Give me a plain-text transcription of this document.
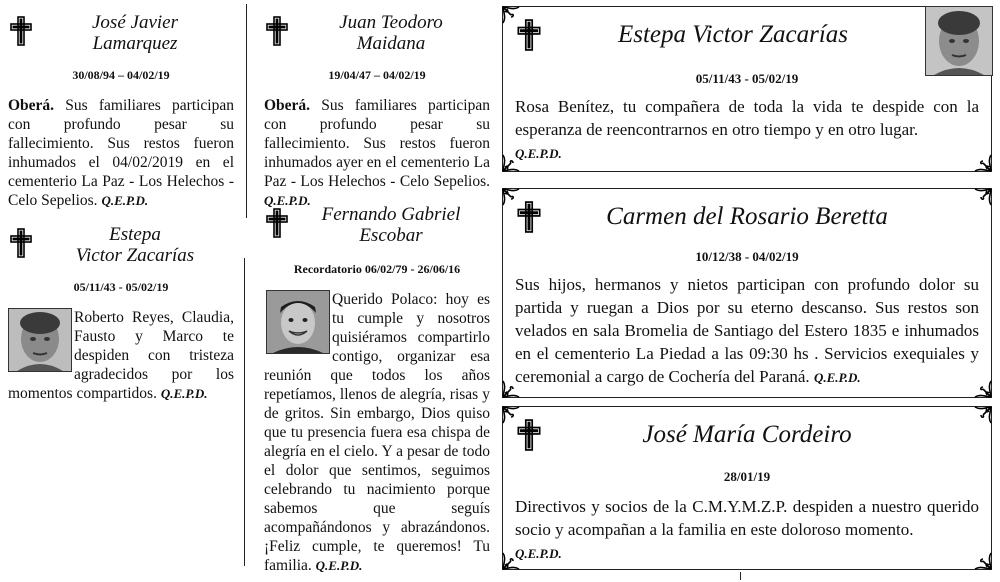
José Javier
Lamarquez
30/08/94 – 04/02/19
Oberá. Sus familiares participan con profundo pesar su fallecimiento. Sus restos fueron inhumados el 04/02/2019 en el cementerio La Paz - Los Helechos - Celo Sepelios. Q.E.P.D.
Estepa
Victor Zacarías
05/11/43 - 05/02/19
Roberto Reyes, Claudia, Fausto y Marco te despiden con tristeza agradecidos por los momentos compartidos. Q.E.P.D.
Juan Teodoro
Maidana
19/04/47 – 04/02/19
Oberá. Sus familiares participan con profundo pesar su fallecimiento. Sus restos fueron inhumados ayer en el cementerio La Paz - Los Helechos - Celo Sepelios. Q.E.P.D.
Fernando Gabriel
Escobar
Recordatorio 06/02/79 - 26/06/16
Querido Polaco: hoy es tu cumple y nosotros quisiéramos compartirlo contigo, organizar esa reunión que todos los años repetíamos, llenos de alegría, risas y de gritos. Sin embargo, Dios quiso que tu presencia fuera esa chispa de alegría en el cielo. Y a pesar de todo el dolor que sentimos, seguimos celebrando tu nacimiento porque sabemos que seguís acompañándonos y abrazándonos.¡Feliz cumple, te queremos! Tu familia. Q.E.P.D.
Estepa Victor Zacarías
05/11/43 - 05/02/19
Rosa Benítez, tu compañera de toda la vida te despide con la esperanza de reencontrarnos en otro tiempo y en otro lugar.
Q.E.P.D.
Carmen del Rosario Beretta
10/12/38 - 04/02/19
Sus hijos, hermanos y nietos participan con profundo dolor su partida y ruegan a Dios por su eterno descanso. Sus restos son velados en sala Bromelia de Santiago del Estero 1835 e inhumados en el cementerio La Piedad a las 09:30 hs . Servicios exequiales y ceremonial a cargo de Cochería del Paraná. Q.E.P.D.
José María Cordeiro
28/01/19
Directivos y socios de la C.M.Y.M.Z.P. despiden a nuestro querido socio y acompañan a la familia en este doloroso momento.
Q.E.P.D.
